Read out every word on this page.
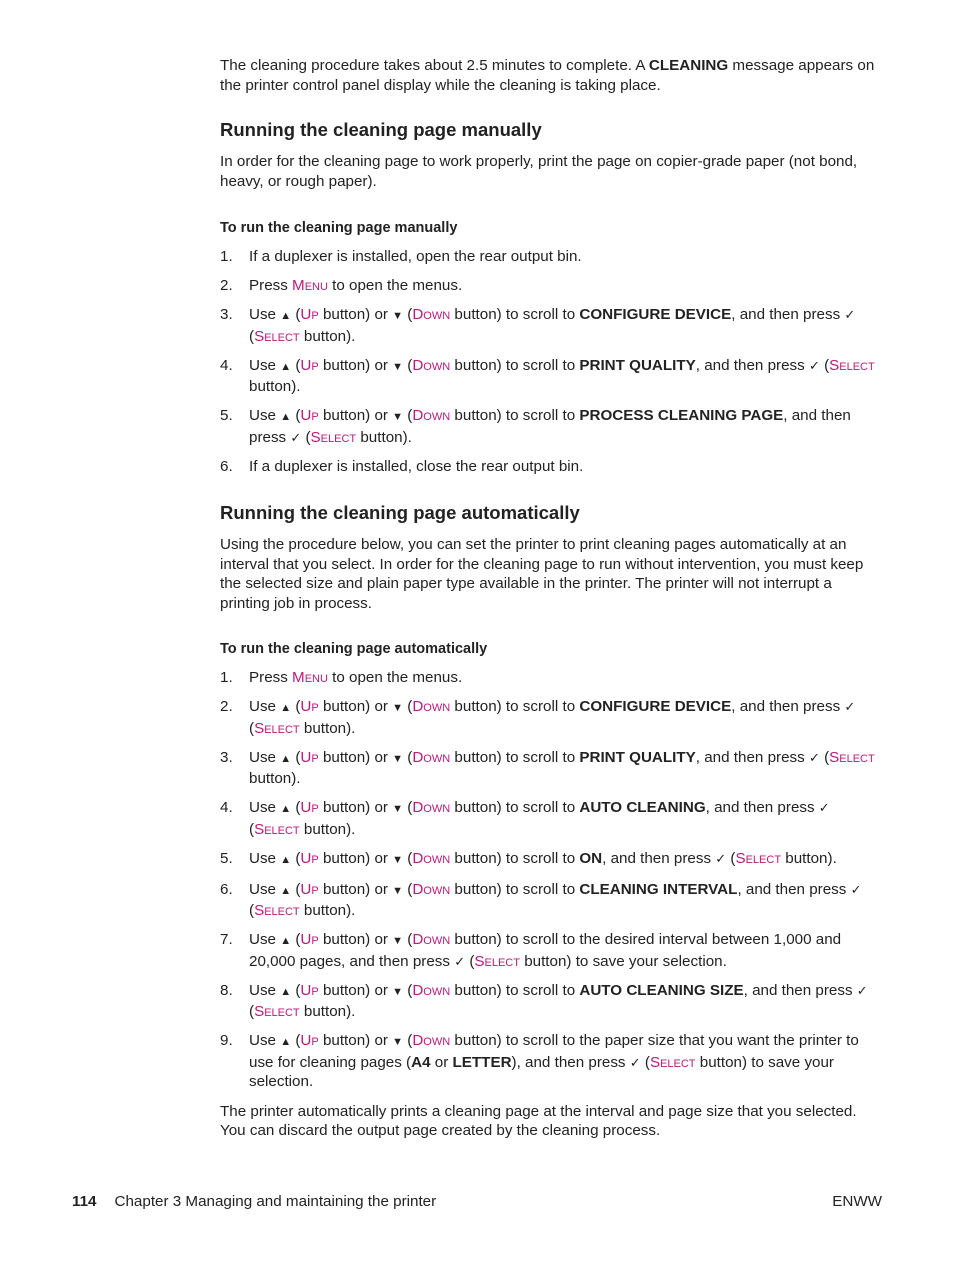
The cleaning procedure takes about 2.5 minutes to complete. A CLEANING message appears on the printer control panel display while the cleaning is taking place.

Running the cleaning page manually

In order for the cleaning page to work properly, print the page on copier-grade paper (not bond, heavy, or rough paper).

To run the cleaning page manually
1. If a duplexer is installed, open the rear output bin.
2. Press Menu to open the menus.
3. Use ▲ (Up button) or ▼ (Down button) to scroll to CONFIGURE DEVICE, and then press ✓ (Select button).
4. Use ▲ (Up button) or ▼ (Down button) to scroll to PRINT QUALITY, and then press ✓ (Select button).
5. Use ▲ (Up button) or ▼ (Down button) to scroll to PROCESS CLEANING PAGE, and then press ✓ (Select button).
6. If a duplexer is installed, close the rear output bin.
Running the cleaning page automatically

Using the procedure below, you can set the printer to print cleaning pages automatically at an interval that you select. In order for the cleaning page to run without intervention, you must keep the selected size and plain paper type available in the printer. The printer will not interrupt a printing job in process.

To run the cleaning page automatically
1. Press Menu to open the menus.
2. Use ▲ (Up button) or ▼ (Down button) to scroll to CONFIGURE DEVICE, and then press ✓ (Select button).
3. Use ▲ (Up button) or ▼ (Down button) to scroll to PRINT QUALITY, and then press ✓ (Select button).
4. Use ▲ (Up button) or ▼ (Down button) to scroll to AUTO CLEANING, and then press ✓ (Select button).
5. Use ▲ (Up button) or ▼ (Down button) to scroll to ON, and then press ✓ (Select button).
6. Use ▲ (Up button) or ▼ (Down button) to scroll to CLEANING INTERVAL, and then press ✓ (Select button).
7. Use ▲ (Up button) or ▼ (Down button) to scroll to the desired interval between 1,000 and 20,000 pages, and then press ✓ (Select button) to save your selection.
8. Use ▲ (Up button) or ▼ (Down button) to scroll to AUTO CLEANING SIZE, and then press ✓ (Select button).
9. Use ▲ (Up button) or ▼ (Down button) to scroll to the paper size that you want the printer to use for cleaning pages (A4 or LETTER), and then press ✓ (Select button) to save your selection.

The printer automatically prints a cleaning page at the interval and page size that you selected. You can discard the output page created by the cleaning process.

114 Chapter 3 Managing and maintaining the printer	ENWW
